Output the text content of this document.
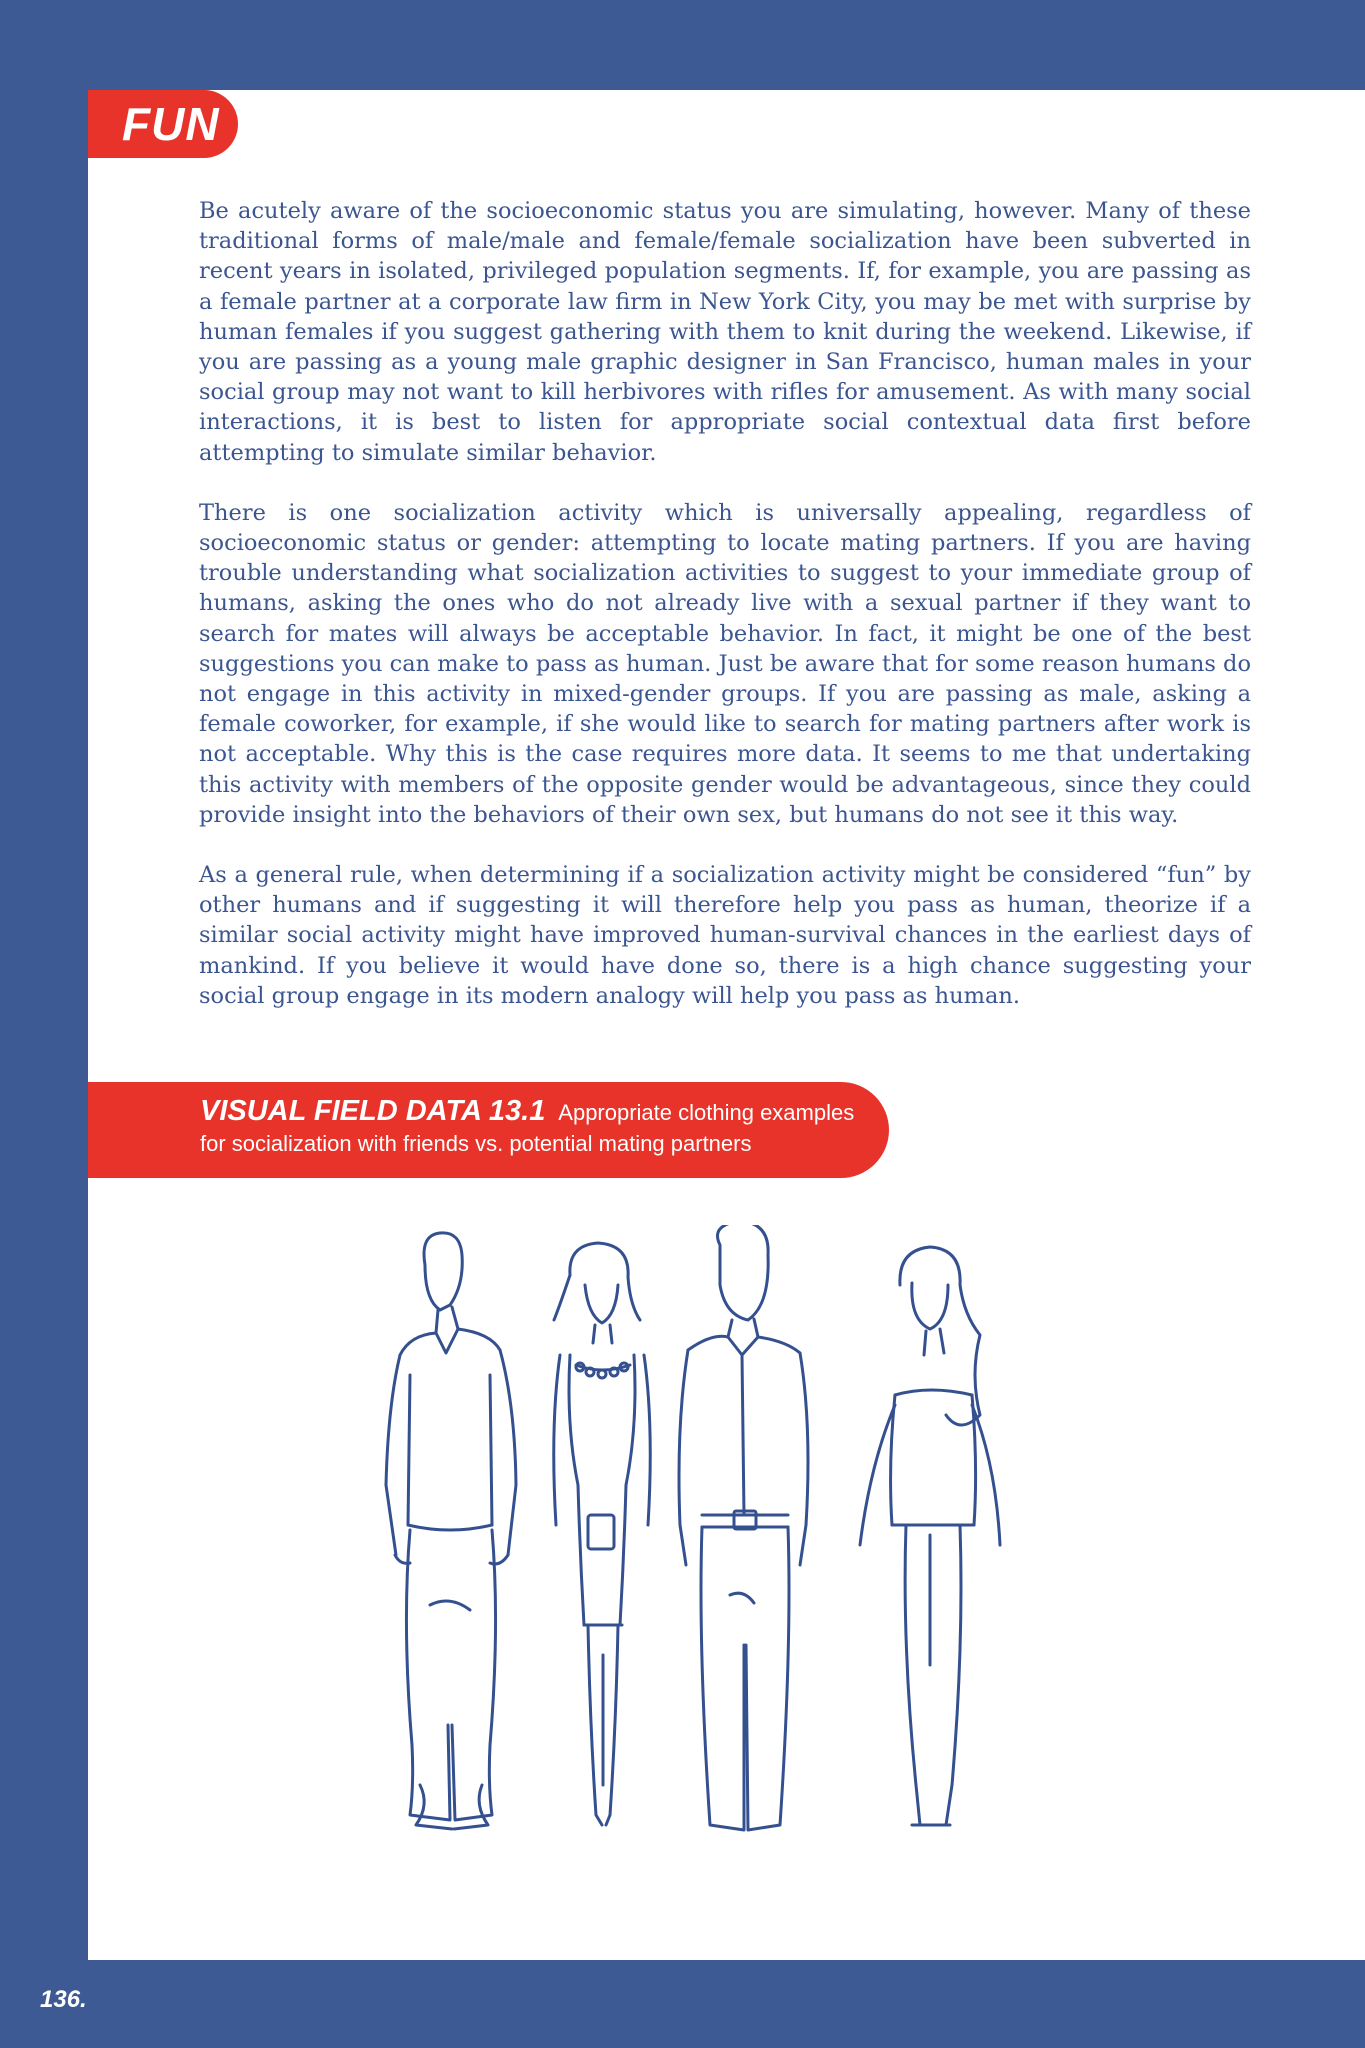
FUN

Be acutely aware of the socioeconomic status you are simulating, however. Many of these traditional forms of male/male and female/female socialization have been subverted in recent years in isolated, privileged population segments. If, for example, you are passing as a female partner at a corporate law firm in New York City, you may be met with surprise by human females if you suggest gathering with them to knit during the weekend. Likewise, if you are passing as a young male graphic designer in San Francisco, human males in your social group may not want to kill herbivores with rifles for amusement. As with many social interactions, it is best to listen for appropriate social contextual data first before attempting to simulate similar behavior.

There is one socialization activity which is universally appealing, regardless of socioeconomic status or gender: attempting to locate mating partners. If you are having trouble understanding what socialization activities to suggest to your immediate group of humans, asking the ones who do not already live with a sexual partner if they want to search for mates will always be acceptable behavior. In fact, it might be one of the best suggestions you can make to pass as human. Just be aware that for some reason humans do not engage in this activity in mixed-gender groups. If you are passing as male, asking a female coworker, for example, if she would like to search for mating partners after work is not acceptable. Why this is the case requires more data. It seems to me that undertaking this activity with members of the opposite gender would be advantageous, since they could provide insight into the behaviors of their own sex, but humans do not see it this way.

As a general rule, when determining if a socialization activity might be considered “fun” by other humans and if suggesting it will therefore help you pass as human, theorize if a similar social activity might have improved human-survival chances in the earliest days of mankind. If you believe it would have done so, there is a high chance suggesting your social group engage in its modern analogy will help you pass as human.

VISUAL FIELD DATA 13.1 Appropriate clothing examples
for socialization with friends vs. potential mating partners
136.
